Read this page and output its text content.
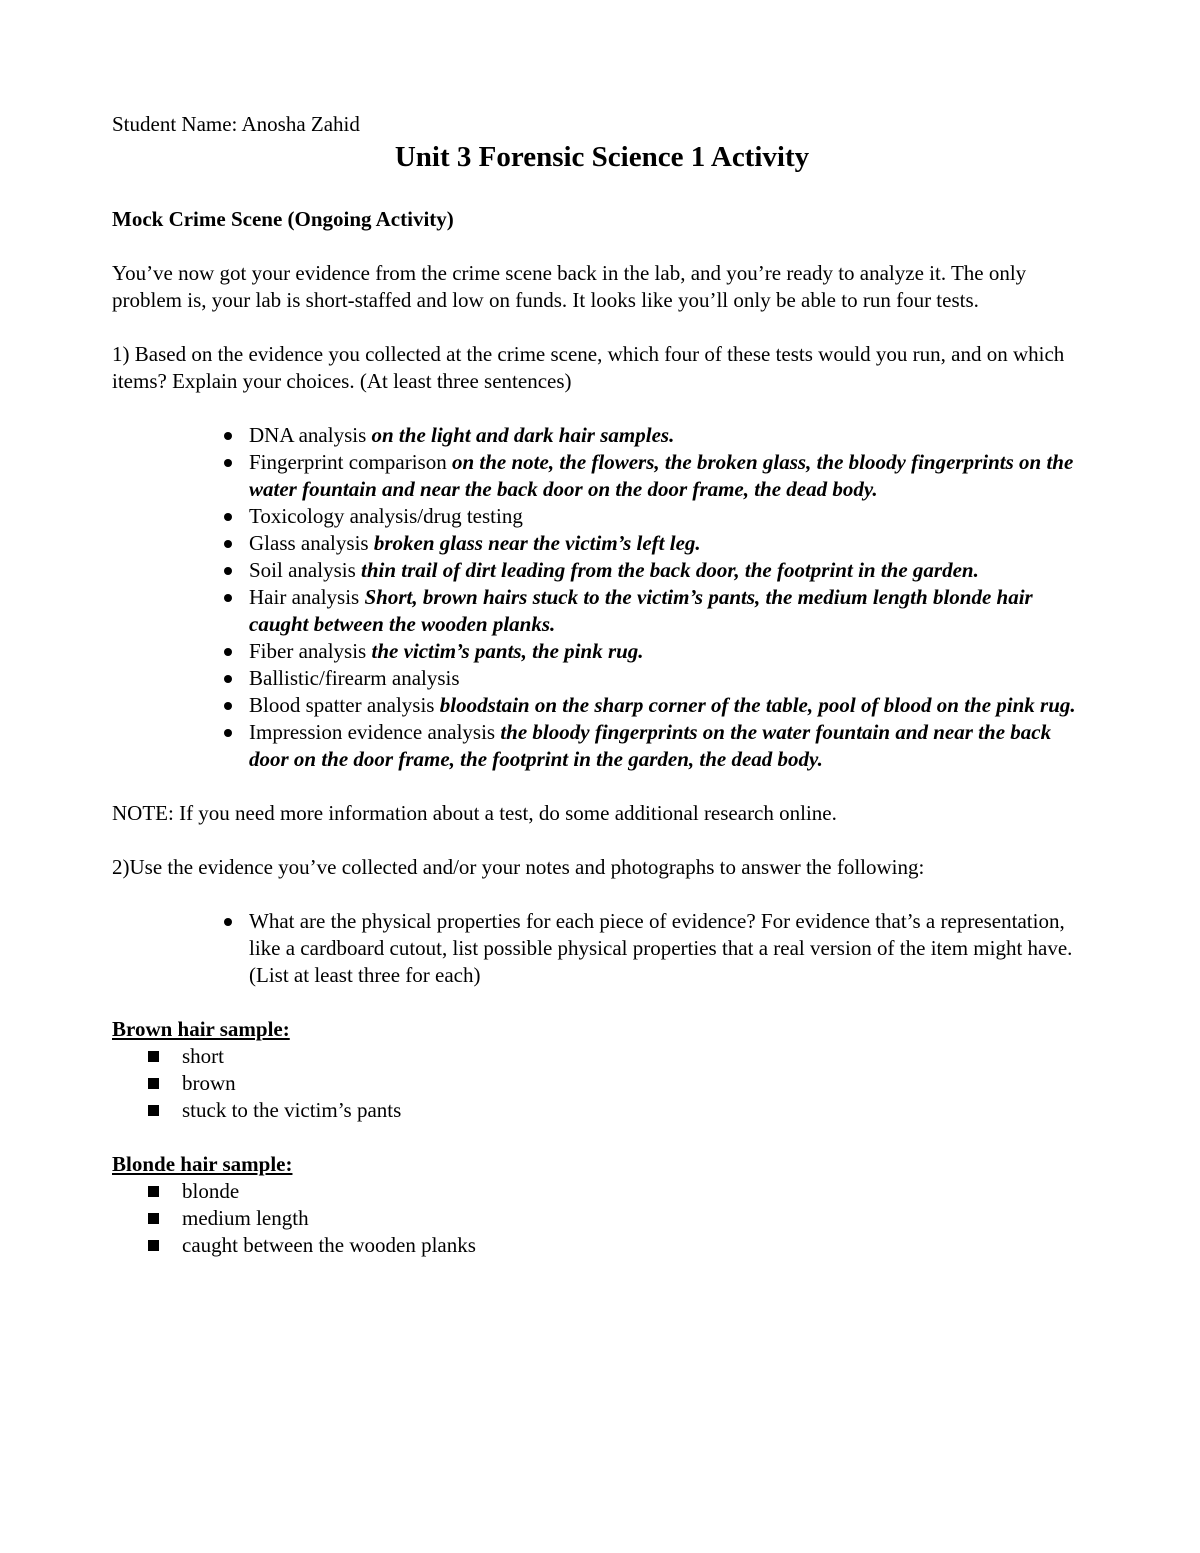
Student Name: Anosha Zahid

Unit 3 Forensic Science 1 Activity

Mock Crime Scene (Ongoing Activity)

You’ve now got your evidence from the crime scene back in the lab, and you’re ready to analyze it. The only problem is, your lab is short-staffed and low on funds. It looks like you’ll only be able to run four tests.

1) Based on the evidence you collected at the crime scene, which four of these tests would you run, and on which items? Explain your choices. (At least three sentences)

DNA analysis on the light and dark hair samples.
Fingerprint comparison on the note, the flowers, the broken glass, the bloody fingerprints on the water fountain and near the back door on the door frame, the dead body.
Toxicology analysis/drug testing
Glass analysis broken glass near the victim’s left leg.
Soil analysis thin trail of dirt leading from the back door, the footprint in the garden.
Hair analysis Short, brown hairs stuck to the victim’s pants, the medium length blonde hair caught between the wooden planks.
Fiber analysis the victim’s pants, the pink rug.
Ballistic/firearm analysis
Blood spatter analysis bloodstain on the sharp corner of the table, pool of blood on the pink rug.
Impression evidence analysis the bloody fingerprints on the water fountain and near the back door on the door frame, the footprint in the garden, the dead body.

NOTE: If you need more information about a test, do some additional research online.

2)Use the evidence you’ve collected and/or your notes and photographs to answer the following:

What are the physical properties for each piece of evidence? For evidence that’s a representation, like a cardboard cutout, list possible physical properties that a real version of the item might have. (List at least three for each)

Brown hair sample:

short
brown
stuck to the victim’s pants

Blonde hair sample:

blonde
medium length
caught between the wooden planks
